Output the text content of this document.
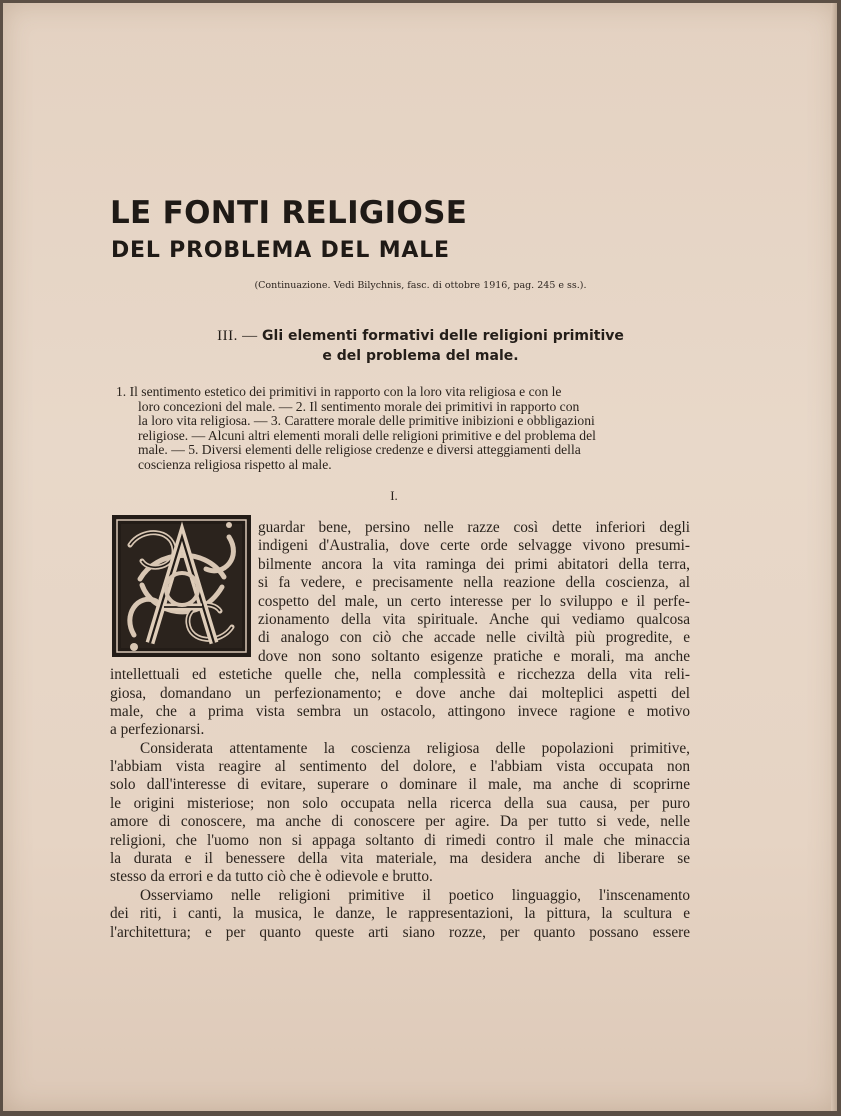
LE FONTI RELIGIOSE
DEL PROBLEMA DEL MALE
(Continuazione. Vedi Bilychnis, fasc. di ottobre 1916, pag. 245 e ss.).
III. — Gli elementi formativi delle religioni primitive
e del problema del male.
1. Il sentimento estetico dei primitivi in rapporto con la loro vita religiosa e con le
loro concezioni del male. — 2. Il sentimento morale dei primitivi in rapporto con
la loro vita religiosa. — 3. Carattere morale delle primitive inibizioni e obbligazioni
religiose. — Alcuni altri elementi morali delle religioni primitive e del problema del
male. — 5. Diversi elementi delle religiose credenze e diversi atteggiamenti della
coscienza religiosa rispetto al male.
I.
guardar bene, persino nelle razze così dette inferiori degli
indigeni d'Australia, dove certe orde selvagge vivono presumi-
bilmente ancora la vita raminga dei primi abitatori della terra,
si fa vedere, e precisamente nella reazione della coscienza, al
cospetto del male, un certo interesse per lo sviluppo e il perfe-
zionamento della vita spirituale. Anche qui vediamo qualcosa
di analogo con ciò che accade nelle civiltà più progredite, e
dove non sono soltanto esigenze pratiche e morali, ma anche
intellettuali ed estetiche quelle che, nella complessità e ricchezza della vita reli-
giosa, domandano un perfezionamento; e dove anche dai molteplici aspetti del
male, che a prima vista sembra un ostacolo, attingono invece ragione e motivo
a perfezionarsi.
Considerata attentamente la coscienza religiosa delle popolazioni primitive,
l'abbiam vista reagire al sentimento del dolore, e l'abbiam vista occupata non
solo dall'interesse di evitare, superare o dominare il male, ma anche di scoprirne
le origini misteriose; non solo occupata nella ricerca della sua causa, per puro
amore di conoscere, ma anche di conoscere per agire. Da per tutto si vede, nelle
religioni, che l'uomo non si appaga soltanto di rimedi contro il male che minaccia
la durata e il benessere della vita materiale, ma desidera anche di liberare se
stesso da errori e da tutto ciò che è odievole e brutto.
Osserviamo nelle religioni primitive il poetico linguaggio, l'inscenamento
dei riti, i canti, la musica, le danze, le rappresentazioni, la pittura, la scultura e
l'architettura; e per quanto queste arti siano rozze, per quanto possano essere
